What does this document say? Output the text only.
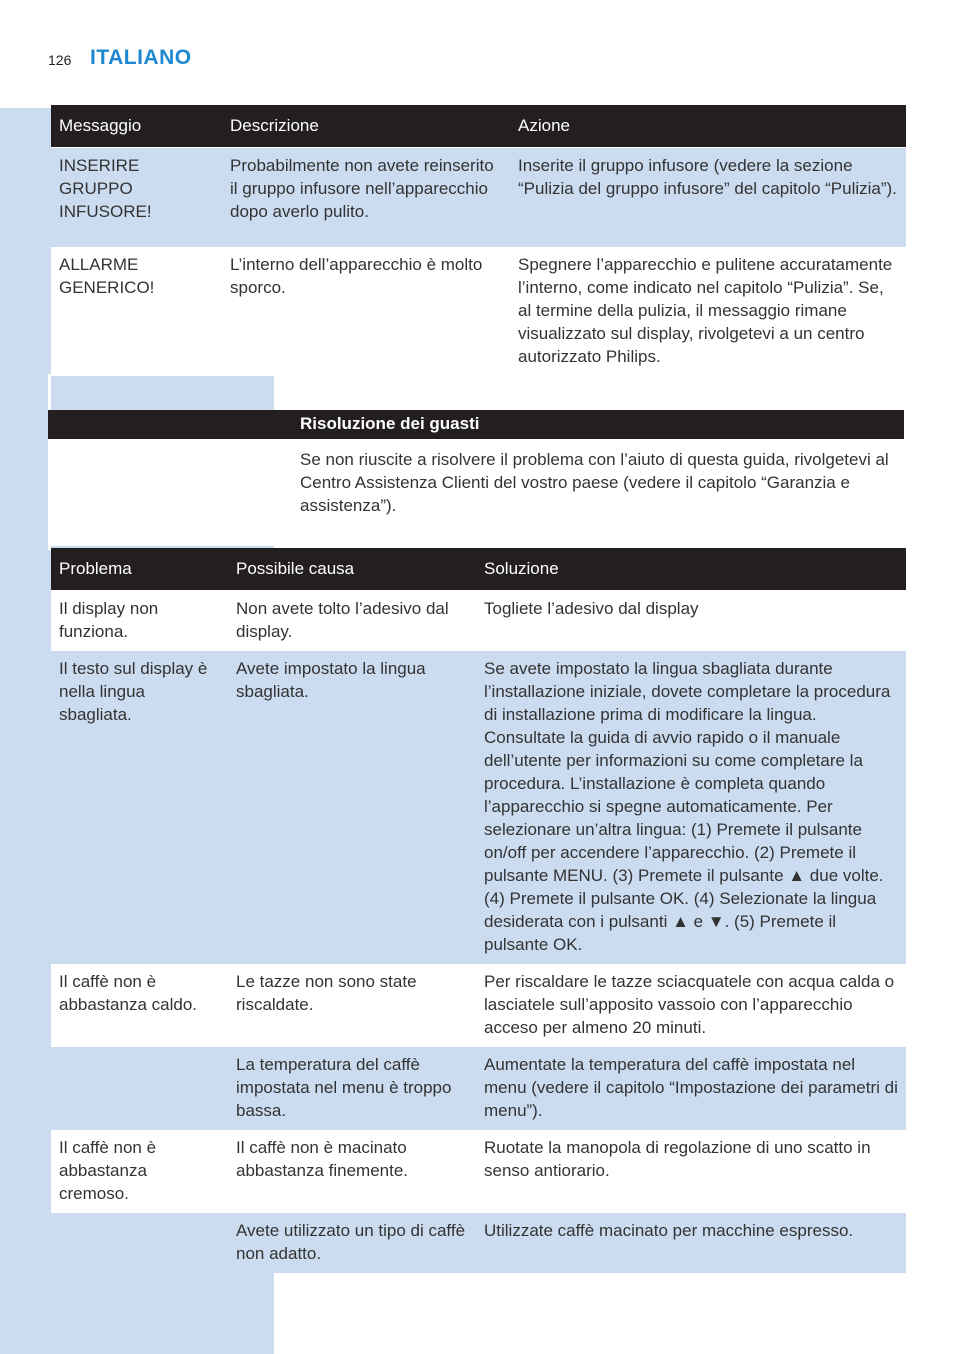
126 ITALIANO
Messaggio	Descrizione	Azione
INSERIRE GRUPPO INFUSORE!	Probabilmente non avete reinserito il gruppo infusore nell’apparecchio dopo averlo pulito.	Inserite il gruppo infusore (vedere la sezione “Pulizia del gruppo infusore” del capitolo “Pulizia”).
ALLARME GENERICO!	L’interno dell’apparecchio è molto sporco.	Spegnere l’apparecchio e pulitene accuratamente l’interno, come indicato nel capitolo “Pulizia”. Se, al termine della pulizia, il messaggio rimane visualizzato sul display, rivolgetevi a un centro autorizzato Philips.
Risoluzione dei guasti
Se non riuscite a risolvere il problema con l’aiuto di questa guida, rivolgetevi al Centro Assistenza Clienti del vostro paese (vedere il capitolo “Garanzia e assistenza”).
Problema	Possibile causa	Soluzione
Il display non funziona.	Non avete tolto l’adesivo dal display.	Togliete l’adesivo dal display
Il testo sul display è nella lingua sbagliata.	Avete impostato la lingua sbagliata.	Se avete impostato la lingua sbagliata durante l’installazione iniziale, dovete completare la procedura di installazione prima di modificare la lingua. Consultate la guida di avvio rapido o il manuale dell’utente per informazioni su come completare la procedura. L’installazione è completa quando l’apparecchio si spegne automaticamente. Per selezionare un’altra lingua: (1) Premete il pulsante on/off per accendere l’apparecchio. (2) Premete il pulsante MENU. (3) Premete il pulsante ▲ due volte. (4) Premete il pulsante OK. (4) Selezionate la lingua desiderata con i pulsanti ▲ e ▼. (5) Premete il pulsante OK.
Il caffè non è abbastanza caldo.	Le tazze non sono state riscaldate.	Per riscaldare le tazze sciacquatele con acqua calda o lasciatele sull’apposito vassoio con l’apparecchio acceso per almeno 20 minuti.
	La temperatura del caffè impostata nel menu è troppo bassa.	Aumentate la temperatura del caffè impostata nel menu (vedere il capitolo “Impostazione dei parametri di menu”).
Il caffè non è abbastanza cremoso.	Il caffè non è macinato abbastanza finemente.	Ruotate la manopola di regolazione di uno scatto in senso antiorario.
	Avete utilizzato un tipo di caffè non adatto.	Utilizzate caffè macinato per macchine espresso.
